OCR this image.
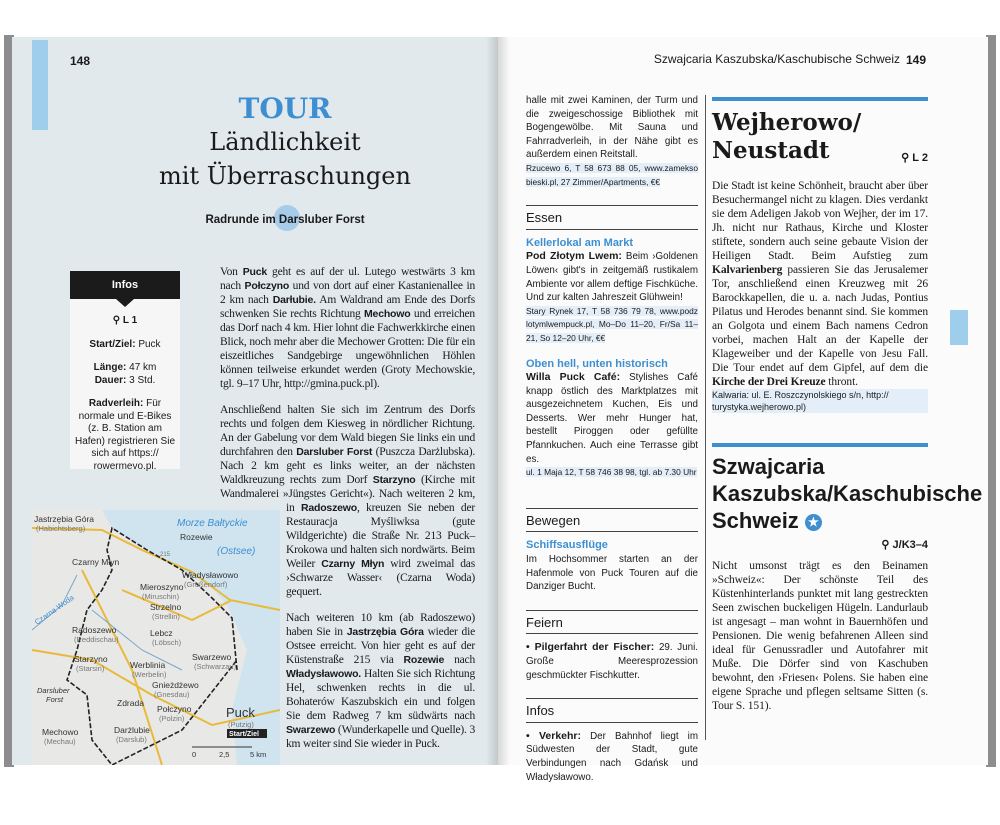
148
TOUR
Ländlichkeit
mit Überraschungen
Radrunde im Darsluber Forst
Infos

⚲ L 1

Start/Ziel: Puck

Länge: 47 km
Dauer: 3 Std.

Radverleih: Für normale und E-Bikes (z. B. Station am Hafen) registrieren Sie sich auf https:// rowermevo.pl.

Jastrzębia Góra
(Habichtsberg)
Rozewie
Władysławowo
(Großendorf)
Czarny Młyn
Mieroszyno
(Miruschin)
Strzelno
(Strellin)
Radoszewo
(Reddischau)
Lebcz
(Löbsch)
Swarzewo
(Schwarzau)
Starzyno
(Starsin)	Werblinia
(Werbelin)
Gnieżdżewo
(Gnesdau)
Zdrada
Połczyno
(Polzin)
Mechowo
(Mechau)
Darżlubie
(Darslub)
Puck
(Putzig)
Morze Bałtyckie
(Ostsee)
Czarna Woda
Darsluber
Forst
Start/Ziel
215
0	2,5	5 km

Von Puck geht es auf der ul. Lutego westwärts 3 km nach Połczyno und von dort auf einer Kastanienallee in 2 km nach Darłubie. Am Waldrand am Ende des Dorfs schwenken Sie rechts Richtung Mechowo und erreichen das Dorf nach 4 km. Hier lohnt die Fachwerkkirche einen Blick, noch mehr aber die Mechower Grotten: Die für ein eiszeitliches Sandgebirge ungewöhnlichen Höhlen können teilweise erkundet werden (Groty Mechowskie, tgl. 9–17 Uhr, http://gmina.puck.pl).

Anschließend halten Sie sich im Zentrum des Dorfs rechts und folgen dem Kiesweg in nördlicher Richtung. An der Gabelung vor dem Wald biegen Sie links ein und durchfahren den Darsluber Forst (Puszcza Darżlubska). Nach 2 km geht es links weiter, an der nächsten Waldkreuzung rechts zum Dorf Starzyno (Kirche mit Wandmalerei »Jüngstes Gericht«). Nach weiteren 2 km, in Radoszewo, kreuzen Sie neben der Restauracja Myśliwksa (gute Wildgerichte) die Straße Nr. 213 Puck–Krokowa und halten sich nordwärts. Beim Weiler Czarny Młyn wird zweimal das ›Schwarze Wasser‹ (Czarna Woda) gequert.

Nach weiteren 10 km (ab Radoszewo) haben Sie in Jastrzębia Góra wieder die Ostsee erreicht. Von hier geht es auf der Küstenstraße 215 via Rozewie nach Władysławowo. Halten Sie sich Richtung Hel, schwenken rechts in die ul. Bohaterów Kaszubskich ein und folgen Sie dem Radweg 7 km südwärts nach Swarzewo (Wunderkapelle und Quelle). 3 km weiter sind Sie wieder in Puck.

149
Szwajcaria Kaszubska/Kaschubische Schweiz
halle mit zwei Kaminen, der Turm und die zweigeschossige Bibliothek mit Bogengewölbe. Mit Sauna und Fahrradverleih, in der Nähe gibt es außerdem einen Reitstall.
Rzucewo 6, T 58 673 88 05, www.zamekso bieski.pl, 27 Zimmer/Apartments, €€
Essen
Kellerlokal am Markt
Pod Złotym Lwem: Beim ›Goldenen Löwen‹ gibt's in zeitgemäß rustikalem Ambiente vor allem deftige Fischküche. Und zur kalten Jahreszeit Glühwein!
Stary Rynek 17, T 58 736 79 78, www.podz lotymlwempuck.pl, Mo–Do 11–20, Fr/Sa 11–21, So 12–20 Uhr, €€
Oben hell, unten historisch
Willa Puck Café: Stylishes Café knapp östlich des Marktplatzes mit ausgezeichnetem Kuchen, Eis und Desserts. Wer mehr Hunger hat, bestellt Piroggen oder gefüllte Pfannkuchen. Auch eine Terrasse gibt es.
ul. 1 Maja 12, T 58 746 38 98, tgl. ab 7.30 Uhr
Bewegen
Schiffsausflüge
Im Hochsommer starten an der Hafenmole von Puck Touren auf die Danziger Bucht.
Feiern
• Pilgerfahrt der Fischer: 29. Juni. Große Meeresprozession geschmückter Fischkutter.
Infos
• Verkehr: Der Bahnhof liegt im Südwesten der Stadt, gute Verbindungen nach Gdańsk und Władysławowo.
Wejherowo/ Neustadt	⚲ L 2
Die Stadt ist keine Schönheit, braucht aber über Besuchermangel nicht zu klagen. Dies verdankt sie dem Adeligen Jakob von Wejher, der im 17. Jh. nicht nur Rathaus, Kirche und Kloster stiftete, sondern auch seine gebaute Vision der Heiligen Stadt. Beim Aufstieg zum Kalvarienberg passieren Sie das Jerusalemer Tor, anschließend einen Kreuzweg mit 26 Barockkapellen, die u. a. nach Judas, Pontius Pilatus und Herodes benannt sind. Sie kommen an Golgota und einem Bach namens Cedron vorbei, machen Halt an der Kapelle der Klageweiber und der Kapelle von Jesu Fall. Die Tour endet auf dem Gipfel, auf dem die Kirche der Drei Kreuze thront.
Kalwaria: ul. E. Roszczynolskiego s/n, http:// turystyka.wejherowo.pl)
Szwajcaria Kaszubska/Kaschubische Schweiz ★
⚲ J/K3–4
Nicht umsonst trägt es den Beinamen »Schweiz«: Der schönste Teil des Küstenhinterlands punktet mit lang gestreckten Seen zwischen buckeligen Hügeln. Landurlaub ist angesagt – man wohnt in Bauernhöfen und Pensionen. Die wenig befahrenen Alleen sind ideal für Genussradler und Autofahrer mit Muße. Die Dörfer sind von Kaschuben bewohnt, den ›Friesen‹ Polens. Sie haben eine eigene Sprache und pflegen seltsame Sitten (s. Tour S. 151).
